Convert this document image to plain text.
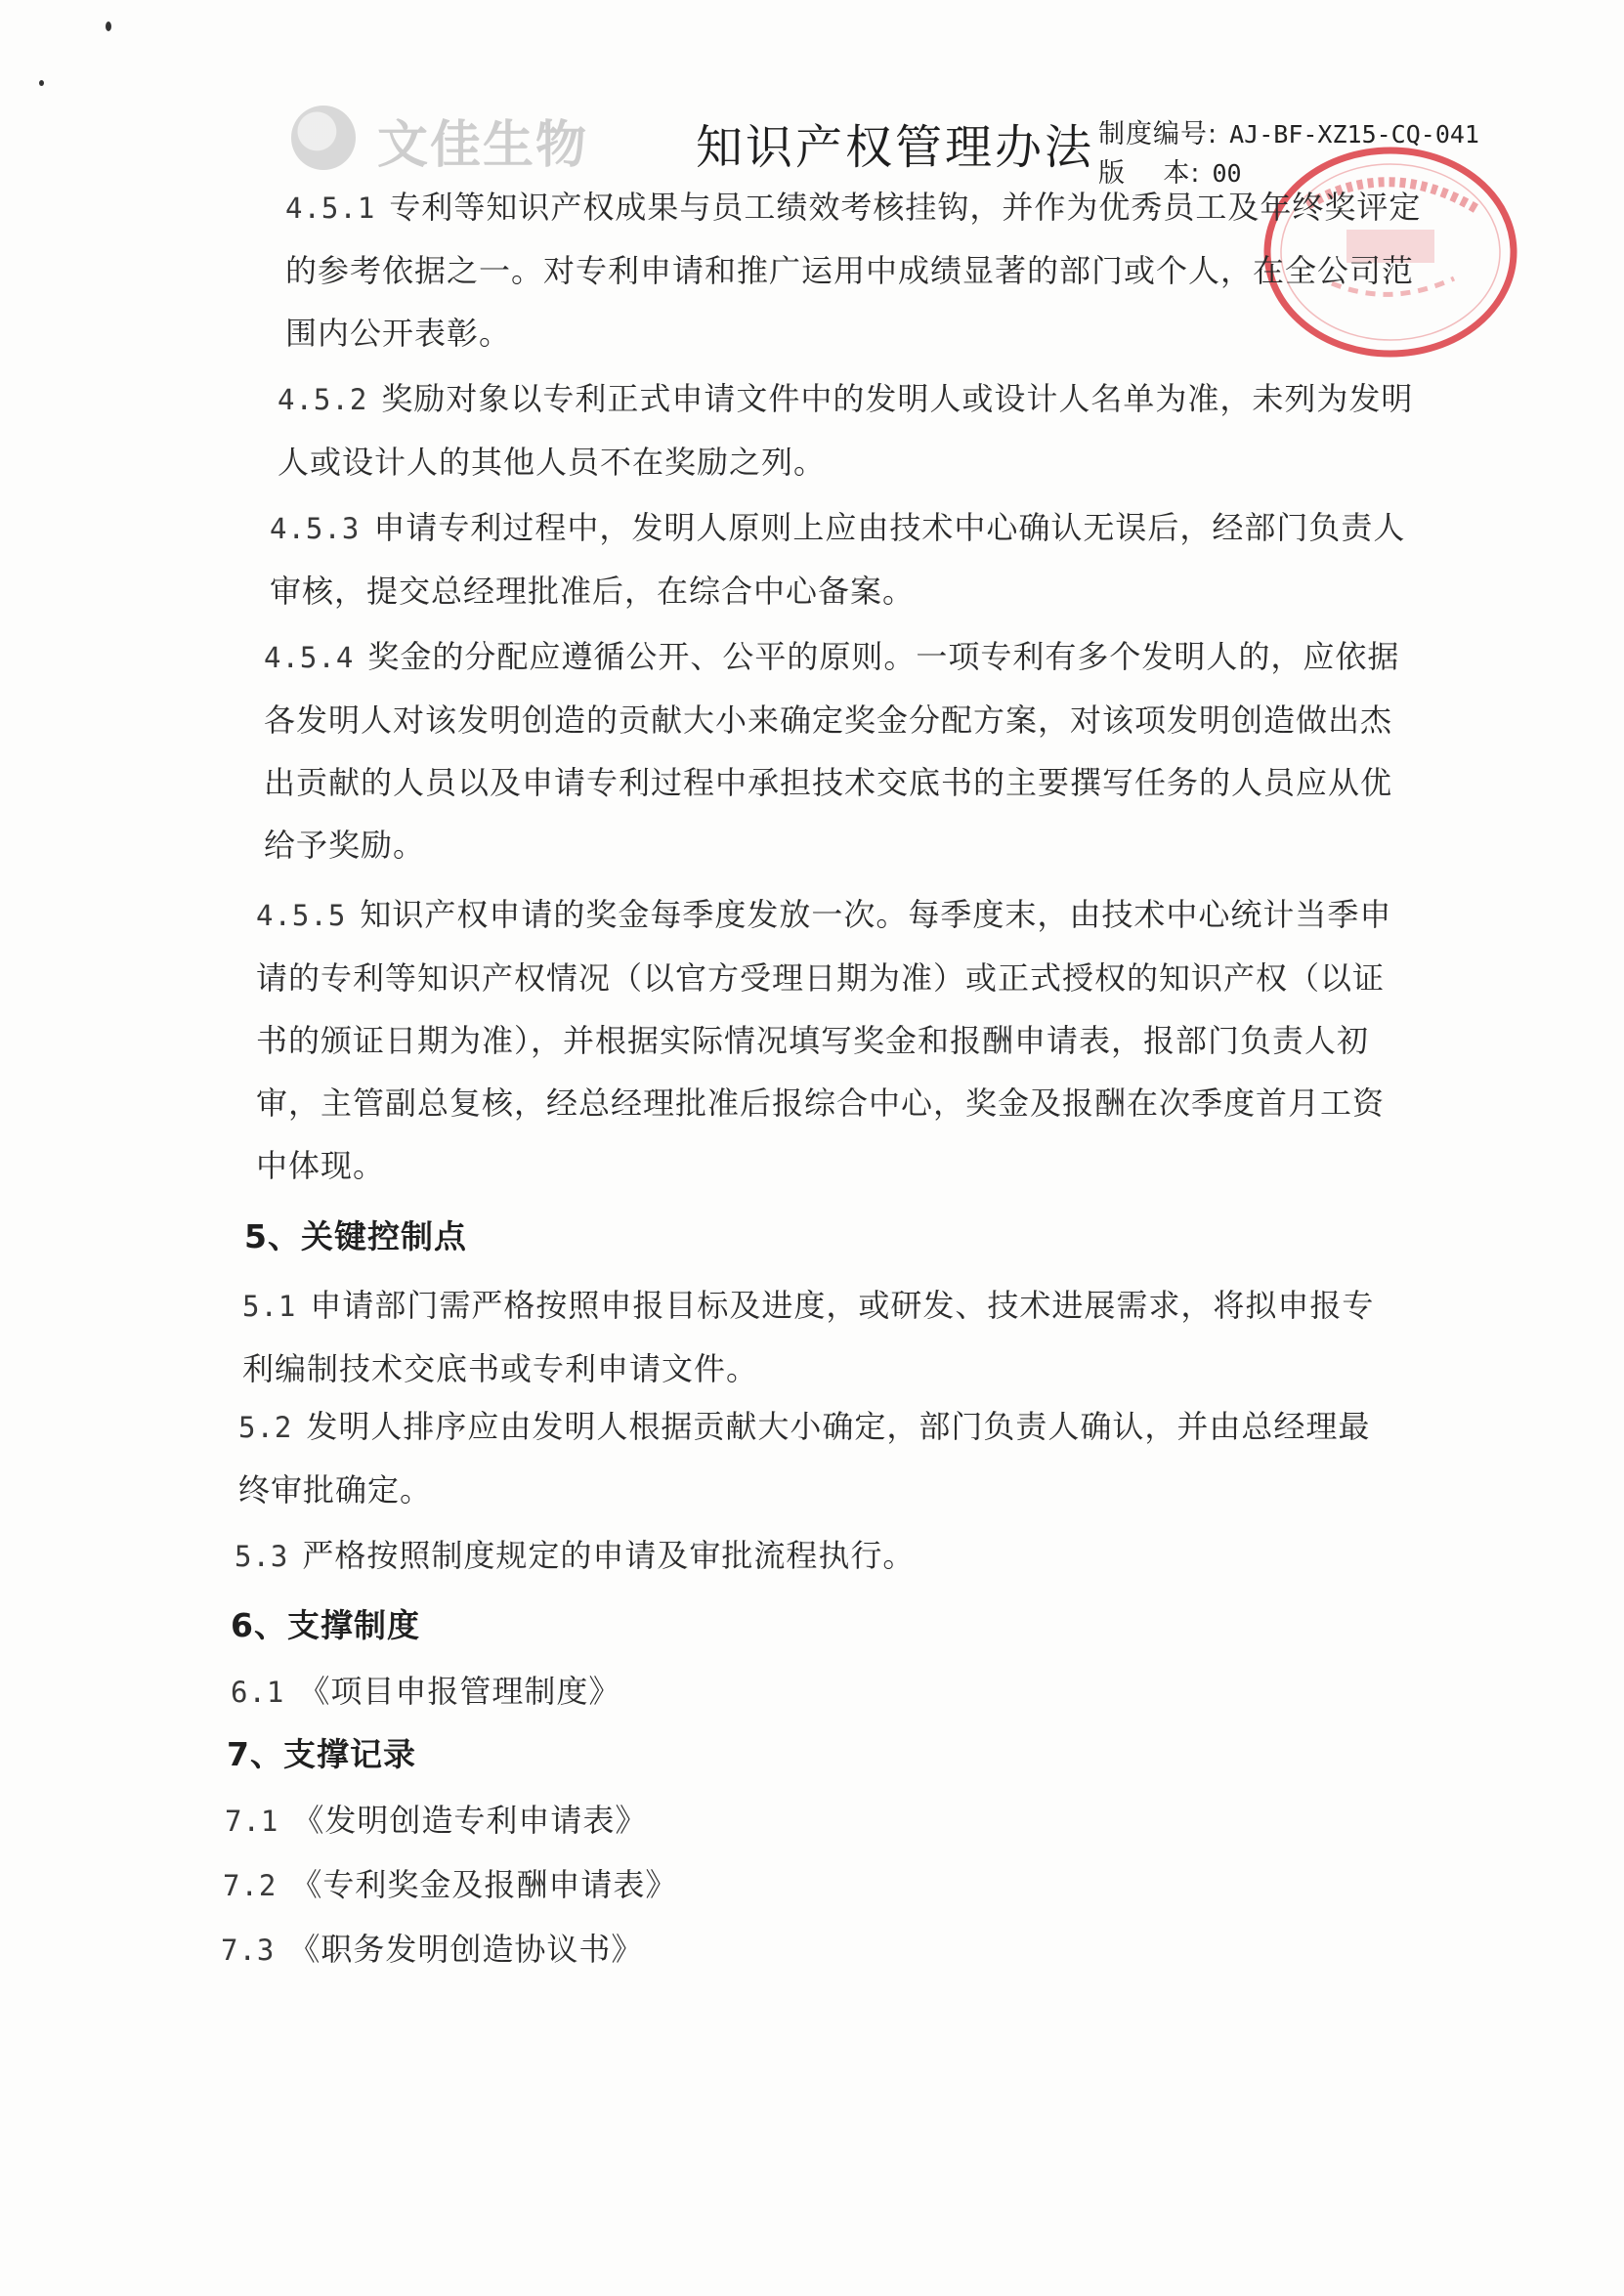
文佳生物 知识产权管理办法 制度编号: AJ-BF-XZ15-CQ-041
版    本: 00
4.5.1 专利等知识产权成果与员工绩效考核挂钩，并作为优秀员工及年终奖评定
的参考依据之一。对专利申请和推广运用中成绩显著的部门或个人，在全公司范
围内公开表彰。
4.5.2 奖励对象以专利正式申请文件中的发明人或设计人名单为准，未列为发明
人或设计人的其他人员不在奖励之列。
4.5.3 申请专利过程中，发明人原则上应由技术中心确认无误后，经部门负责人
审核，提交总经理批准后，在综合中心备案。
4.5.4 奖金的分配应遵循公开、公平的原则。一项专利有多个发明人的，应依据
各发明人对该发明创造的贡献大小来确定奖金分配方案，对该项发明创造做出杰
出贡献的人员以及申请专利过程中承担技术交底书的主要撰写任务的人员应从优
给予奖励。
4.5.5 知识产权申请的奖金每季度发放一次。每季度末，由技术中心统计当季申
请的专利等知识产权情况（以官方受理日期为准）或正式授权的知识产权（以证
书的颁证日期为准），并根据实际情况填写奖金和报酬申请表，报部门负责人初
审，主管副总复核，经总经理批准后报综合中心，奖金及报酬在次季度首月工资
中体现。
5、关键控制点
5.1 申请部门需严格按照申报目标及进度，或研发、技术进展需求，将拟申报专
利编制技术交底书或专利申请文件。
5.2 发明人排序应由发明人根据贡献大小确定，部门负责人确认，并由总经理最
终审批确定。
5.3 严格按照制度规定的申请及审批流程执行。
6、支撑制度
6.1 《项目申报管理制度》
7、支撑记录
7.1 《发明创造专利申请表》
7.2 《专利奖金及报酬申请表》
7.3 《职务发明创造协议书》
